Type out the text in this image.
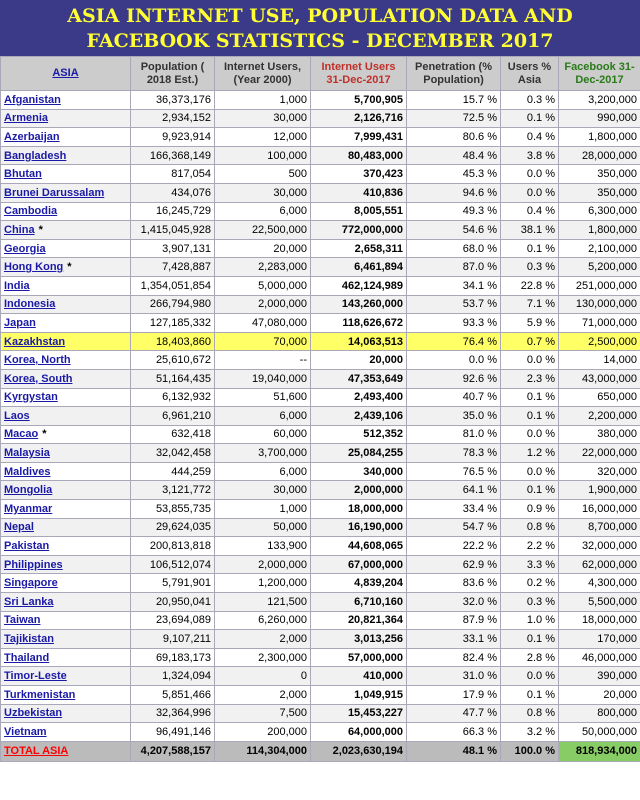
ASIA INTERNET USE, POPULATION DATA AND
FACEBOOK STATISTICS - DECEMBER 2017
ASIA	Population ( 2018 Est.)	Internet Users, (Year 2000)	Internet Users 31-Dec-2017	Penetration (% Population)	Users % Asia	Facebook 31-Dec-2017
Afganistan	36,373,176	1,000	5,700,905	15.7 %	0.3 %	3,200,000
Armenia	2,934,152	30,000	2,126,716	72.5 %	0.1 %	990,000
Azerbaijan	9,923,914	12,000	7,999,431	80.6 %	0.4 %	1,800,000
Bangladesh	166,368,149	100,000	80,483,000	48.4 %	3.8 %	28,000,000
Bhutan	817,054	500	370,423	45.3 %	0.0 %	350,000
Brunei Darussalam	434,076	30,000	410,836	94.6 %	0.0 %	350,000
Cambodia	16,245,729	6,000	8,005,551	49.3 %	0.4 %	6,300,000
China *	1,415,045,928	22,500,000	772,000,000	54.6 %	38.1 %	1,800,000
Georgia	3,907,131	20,000	2,658,311	68.0 %	0.1 %	2,100,000
Hong Kong *	7,428,887	2,283,000	6,461,894	87.0 %	0.3 %	5,200,000
India	1,354,051,854	5,000,000	462,124,989	34.1 %	22.8 %	251,000,000
Indonesia	266,794,980	2,000,000	143,260,000	53.7 %	7.1 %	130,000,000
Japan	127,185,332	47,080,000	118,626,672	93.3 %	5.9 %	71,000,000
Kazakhstan	18,403,860	70,000	14,063,513	76.4 %	0.7 %	2,500,000
Korea, North	25,610,672	--	20,000	0.0 %	0.0 %	14,000
Korea, South	51,164,435	19,040,000	47,353,649	92.6 %	2.3 %	43,000,000
Kyrgystan	6,132,932	51,600	2,493,400	40.7 %	0.1 %	650,000
Laos	6,961,210	6,000	2,439,106	35.0 %	0.1 %	2,200,000
Macao *	632,418	60,000	512,352	81.0 %	0.0 %	380,000
Malaysia	32,042,458	3,700,000	25,084,255	78.3 %	1.2 %	22,000,000
Maldives	444,259	6,000	340,000	76.5 %	0.0 %	320,000
Mongolia	3,121,772	30,000	2,000,000	64.1 %	0.1 %	1,900,000
Myanmar	53,855,735	1,000	18,000,000	33.4 %	0.9 %	16,000,000
Nepal	29,624,035	50,000	16,190,000	54.7 %	0.8 %	8,700,000
Pakistan	200,813,818	133,900	44,608,065	22.2 %	2.2 %	32,000,000
Philippines	106,512,074	2,000,000	67,000,000	62.9 %	3.3 %	62,000,000
Singapore	5,791,901	1,200,000	4,839,204	83.6 %	0.2 %	4,300,000
Sri Lanka	20,950,041	121,500	6,710,160	32.0 %	0.3 %	5,500,000
Taiwan	23,694,089	6,260,000	20,821,364	87.9 %	1.0 %	18,000,000
Tajikistan	9,107,211	2,000	3,013,256	33.1 %	0.1 %	170,000
Thailand	69,183,173	2,300,000	57,000,000	82.4 %	2.8 %	46,000,000
Timor-Leste	1,324,094	0	410,000	31.0 %	0.0 %	390,000
Turkmenistan	5,851,466	2,000	1,049,915	17.9 %	0.1 %	20,000
Uzbekistan	32,364,996	7,500	15,453,227	47.7 %	0.8 %	800,000
Vietnam	96,491,146	200,000	64,000,000	66.3 %	3.2 %	50,000,000
TOTAL ASIA	4,207,588,157	114,304,000	2,023,630,194	48.1 %	100.0 %	818,934,000
